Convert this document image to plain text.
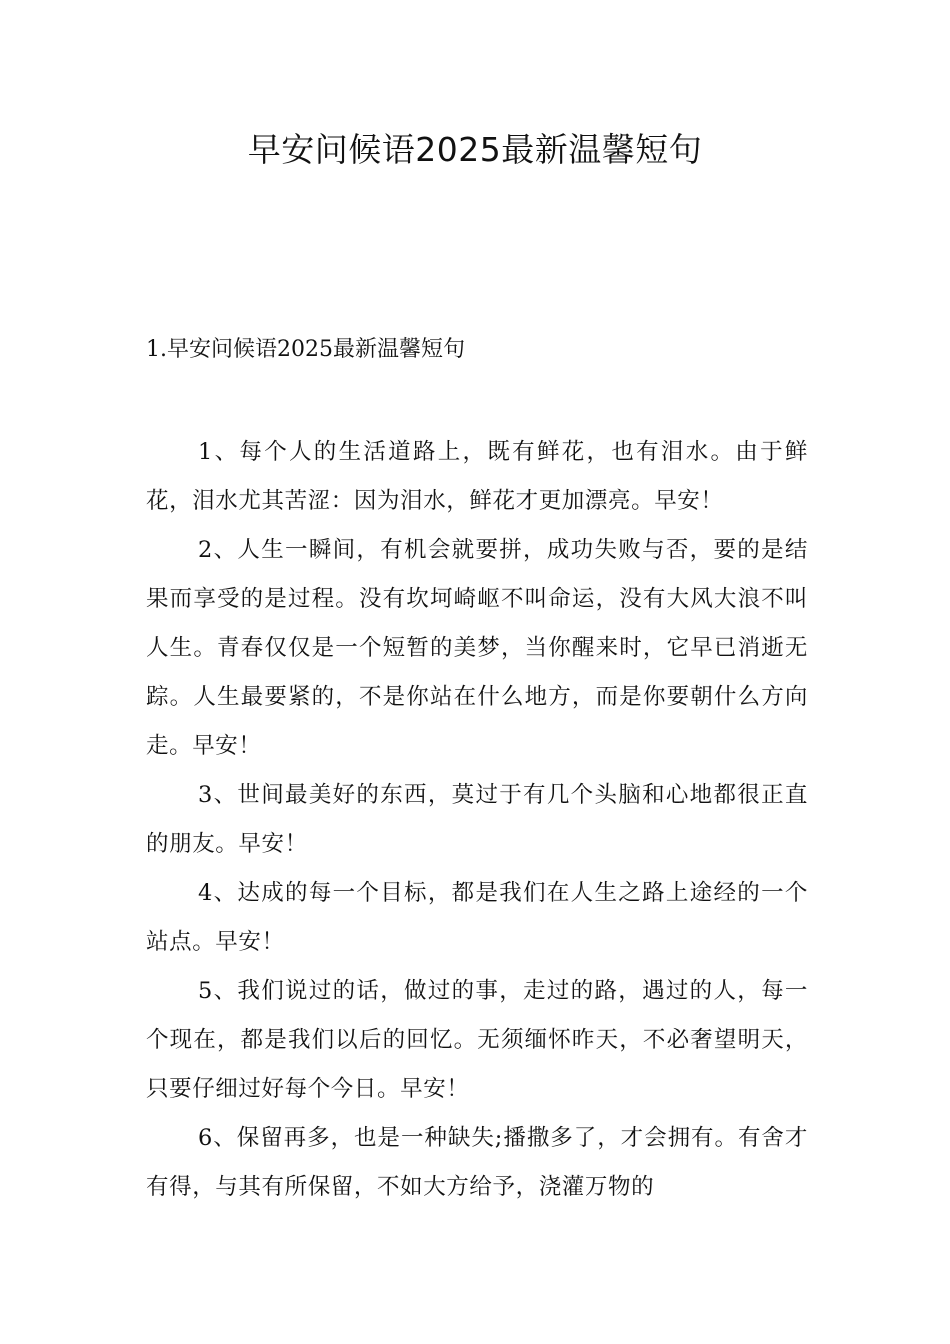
早安问候语2025最新温馨短句
1.早安问候语2025最新温馨短句

1、每个人的生活道路上，既有鲜花，也有泪水。由于鲜花，泪水尤其苦涩：因为泪水，鲜花才更加漂亮。早安！

2、人生一瞬间，有机会就要拼，成功失败与否，要的是结果而享受的是过程。没有坎坷崎岖不叫命运，没有大风大浪不叫人生。青春仅仅是一个短暂的美梦，当你醒来时，它早已消逝无踪。人生最要紧的，不是你站在什么地方，而是你要朝什么方向走。早安！

3、世间最美好的东西，莫过于有几个头脑和心地都很正直的朋友。早安！

4、达成的每一个目标，都是我们在人生之路上途经的一个站点。早安！

5、我们说过的话，做过的事，走过的路，遇过的人，每一个现在，都是我们以后的回忆。无须缅怀昨天，不必奢望明天，只要仔细过好每个今日。早安！

6、保留再多，也是一种缺失;播撒多了，才会拥有。有舍才有得，与其有所保留，不如大方给予，浇灌万物的
